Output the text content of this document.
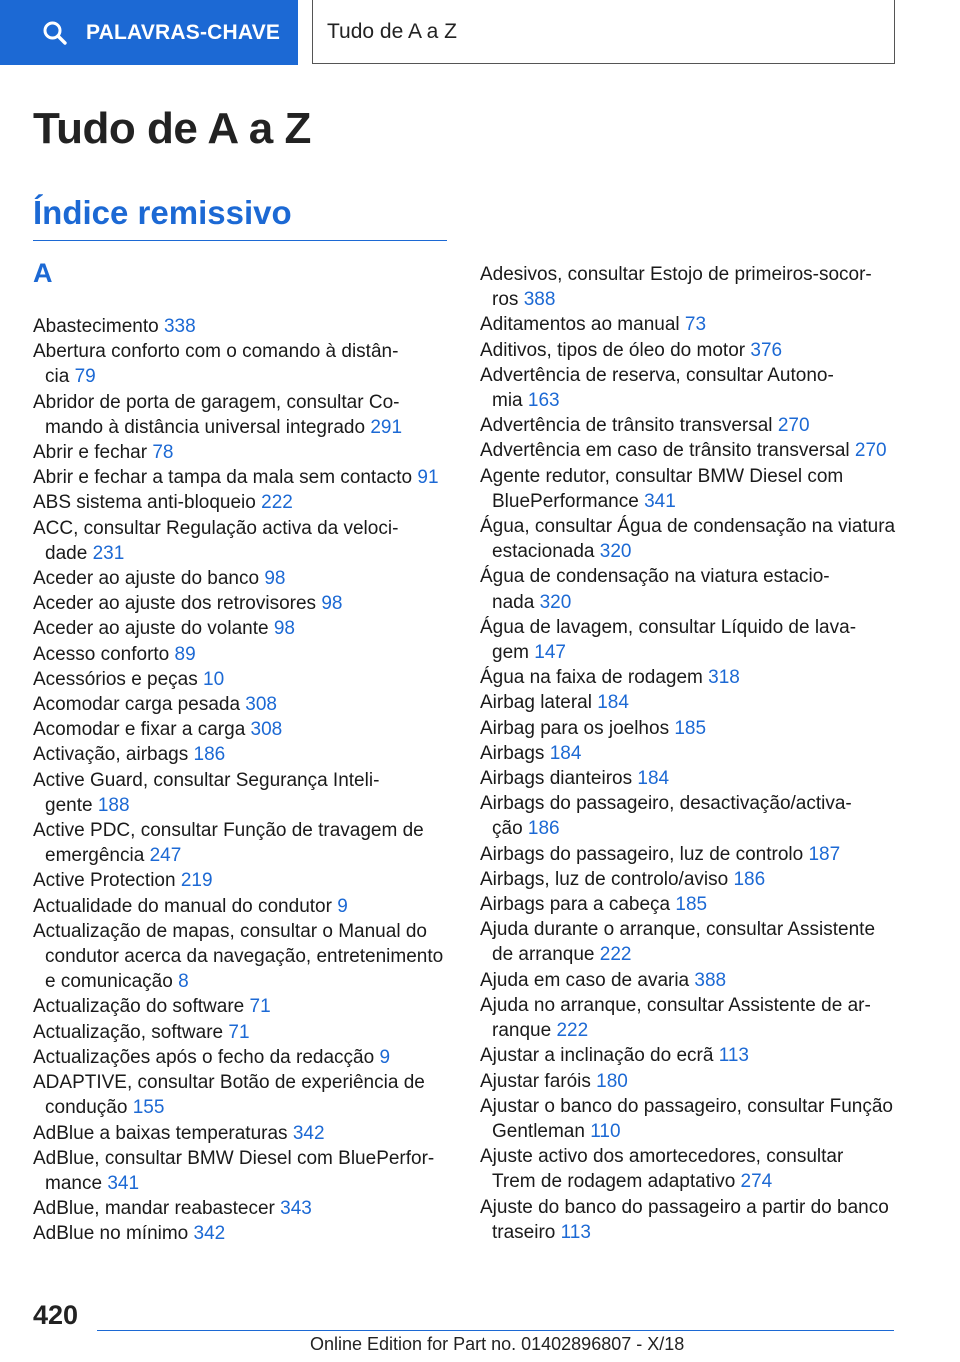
PALAVRAS-CHAVE	Tudo de A a Z
Tudo de A a Z
Índice remissivo
A
Abastecimento 338
Abertura conforto com o comando à distân‐
cia 79
Abridor de porta de garagem, consultar Co‐
mando à distância universal integrado 291
Abrir e fechar 78
Abrir e fechar a tampa da mala sem contacto 91
ABS sistema anti-bloqueio 222
ACC, consultar Regulação activa da veloci‐
dade 231
Aceder ao ajuste do banco 98
Aceder ao ajuste dos retrovisores 98
Aceder ao ajuste do volante 98
Acesso conforto 89
Acessórios e peças 10
Acomodar carga pesada 308
Acomodar e fixar a carga 308
Activação, airbags 186
Active Guard, consultar Segurança Inteli‐
gente 188
Active PDC, consultar Função de travagem de
emergência 247
Active Protection 219
Actualidade do manual do condutor 9
Actualização de mapas, consultar o Manual do
condutor acerca da navegação, entretenimento
e comunicação 8
Actualização do software 71
Actualização, software 71
Actualizações após o fecho da redacção 9
ADAPTIVE, consultar Botão de experiência de
condução 155
AdBlue a baixas temperaturas 342
AdBlue, consultar BMW Diesel com BluePerfor‐
mance 341
AdBlue, mandar reabastecer 343
AdBlue no mínimo 342
Adesivos, consultar Estojo de primeiros-socor‐
ros 388
Aditamentos ao manual 73
Aditivos, tipos de óleo do motor 376
Advertência de reserva, consultar Autono‐
mia 163
Advertência de trânsito transversal 270
Advertência em caso de trânsito transversal 270
Agente redutor, consultar BMW Diesel com
BluePerformance 341
Água, consultar Água de condensação na viatura
estacionada 320
Água de condensação na viatura estacio‐
nada 320
Água de lavagem, consultar Líquido de lava‐
gem 147
Água na faixa de rodagem 318
Airbag lateral 184
Airbag para os joelhos 185
Airbags 184
Airbags dianteiros 184
Airbags do passageiro, desactivação/activa‐
ção 186
Airbags do passageiro, luz de controlo 187
Airbags, luz de controlo/aviso 186
Airbags para a cabeça 185
Ajuda durante o arranque, consultar Assistente
de arranque 222
Ajuda em caso de avaria 388
Ajuda no arranque, consultar Assistente de ar‐
ranque 222
Ajustar a inclinação do ecrã 113
Ajustar faróis 180
Ajustar o banco do passageiro, consultar Função
Gentleman 110
Ajuste activo dos amortecedores, consultar
Trem de rodagem adaptativo 274
Ajuste do banco do passageiro a partir do banco
traseiro 113
420
Online Edition for Part no. 01402896807 - X/18
